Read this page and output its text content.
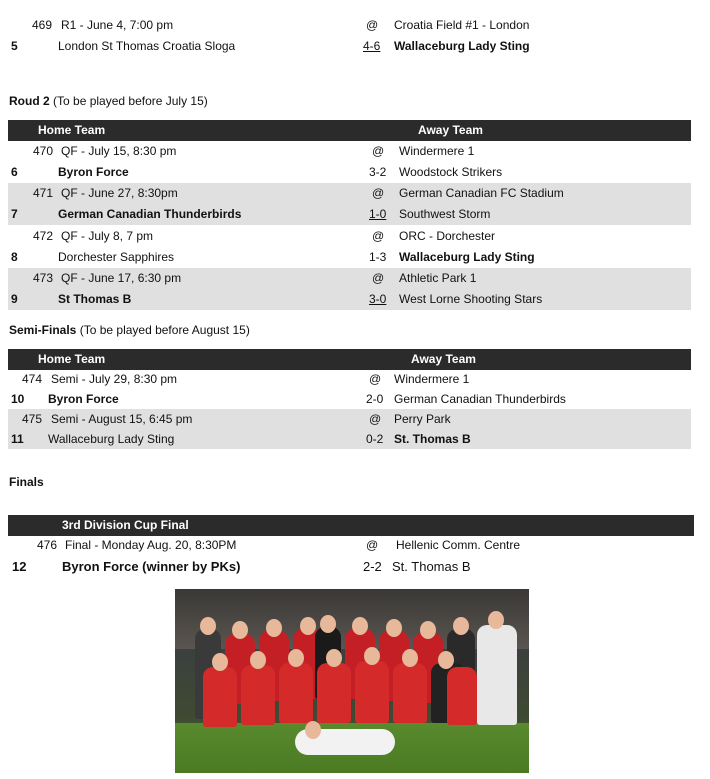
469 R1 - June 4, 7:00 pm	@ Croatia Field #1 - London
5	London St Thomas Croatia Sloga	4-6 Wallaceburg Lady Sting
Roud 2 (To be played before July 15)
Home Team	Away Team
470 QF - July 15, 8:30 pm	@ Windermere 1
6	Byron Force	3-2 Woodstock Strikers
471 QF - June 27, 8:30pm	@ German Canadian FC Stadium
7	German Canadian Thunderbirds	1-0 Southwest Storm
472 QF - July 8, 7 pm	@ ORC - Dorchester
8	Dorchester Sapphires	1-3 Wallaceburg Lady Sting
473 QF - June 17, 6:30 pm	@ Athletic Park 1
9	St Thomas B	3-0 West Lorne Shooting Stars
Semi-Finals (To be played before August 15)
Home Team	Away Team
474 Semi - July 29, 8:30 pm	@ Windermere 1
10 Byron Force	2-0 German Canadian Thunderbirds
475 Semi - August 15, 6:45 pm	@ Perry Park
11 Wallaceburg Lady Sting	0-2 St. Thomas B
Finals
3rd Division Cup Final
476 Final - Monday Aug. 20, 8:30PM	@ Hellenic Comm. Centre
12	Byron Force (winner by PKs)	2-2 St. Thomas B
